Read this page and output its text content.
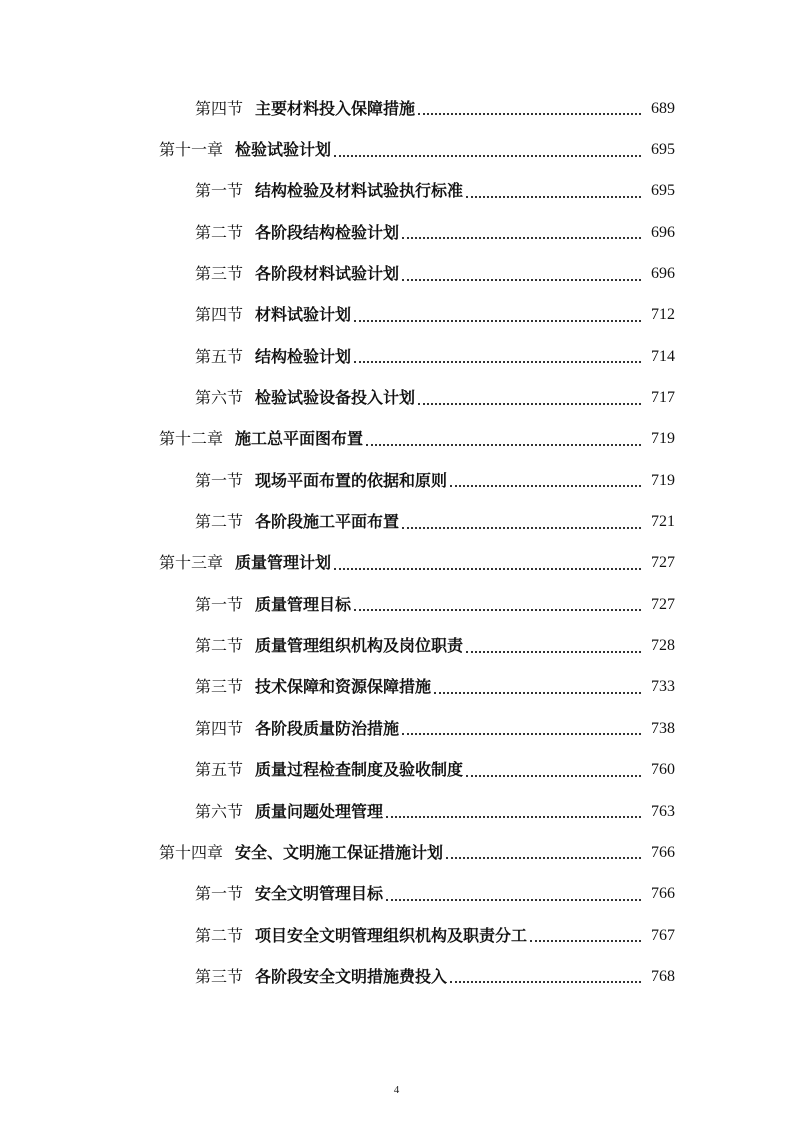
第四节 主要材料投入保障措施	689
第十一章 检验试验计划	695
第一节 结构检验及材料试验执行标准	695
第二节 各阶段结构检验计划	696
第三节 各阶段材料试验计划	696
第四节 材料试验计划	712
第五节 结构检验计划	714
第六节 检验试验设备投入计划	717
第十二章 施工总平面图布置	719
第一节 现场平面布置的依据和原则	719
第二节 各阶段施工平面布置	721
第十三章 质量管理计划	727
第一节 质量管理目标	727
第二节 质量管理组织机构及岗位职责	728
第三节 技术保障和资源保障措施	733
第四节 各阶段质量防治措施	738
第五节 质量过程检查制度及验收制度	760
第六节 质量问题处理管理	763
第十四章 安全、文明施工保证措施计划	766
第一节 安全文明管理目标	766
第二节 项目安全文明管理组织机构及职责分工	767
第三节 各阶段安全文明措施费投入	768
4
